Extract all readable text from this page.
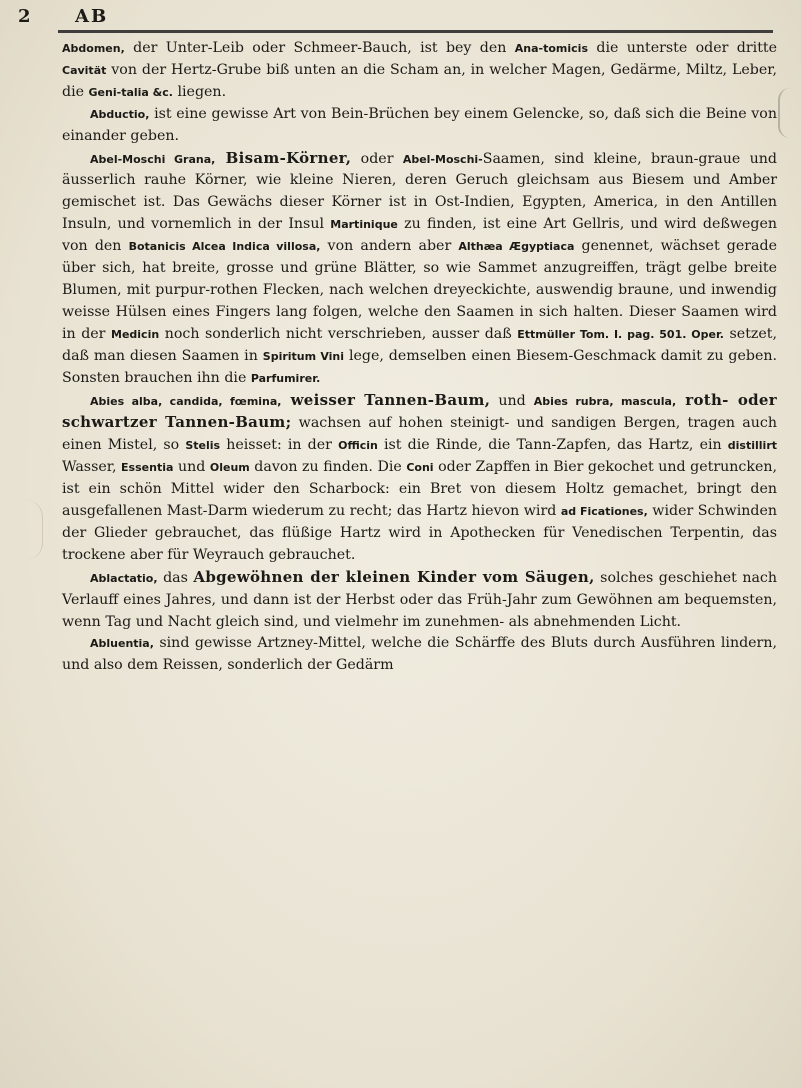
2 AB

Abdomen, der Unter-Leib oder Schmeer-Bauch, ist bey den Ana-tomicis die unterste oder dritte Cavität von der Hertz-Grube biß unten an die Scham an, in welcher Magen, Gedärme, Miltz, Leber, die Geni-talia &c. liegen.

Abductio, ist eine gewisse Art von Bein-Brüchen bey einem Gelencke, so, daß sich die Beine von einander geben.

Abel-Moschi Grana, Bisam-Körner, oder Abel-Moschi-Saamen, sind kleine, braun-graue und äusserlich rauhe Körner, wie kleine Nieren, deren Geruch gleichsam aus Biesem und Amber gemischet ist. Das Gewächs dieser Körner ist in Ost-Indien, Egypten, America, in den Antillen Insuln, und vornemlich in der Insul Martinique zu finden, ist eine Art Gellris, und wird deßwegen von den Botanicis Alcea Indica villosa, von andern aber Althæa Ægyptiaca genennet, wächset gerade über sich, hat breite, grosse und grüne Blätter, so wie Sammet anzugreiffen, trägt gelbe breite Blumen, mit purpur-rothen Flecken, nach welchen dreyeckichte, auswendig braune, und inwendig weisse Hülsen eines Fingers lang folgen, welche den Saamen in sich halten. Dieser Saamen wird in der Medicin noch sonderlich nicht verschrieben, ausser daß Ettmüller Tom. I. pag. 501. Oper. setzet, daß man diesen Saamen in Spiritum Vini lege, demselben einen Biesem-Geschmack damit zu geben. Sonsten brauchen ihn die Parfumirer.

Abies alba, candida, fœmina, weisser Tannen-Baum, und Abies rubra, mascula, roth- oder schwartzer Tannen-Baum; wachsen auf hohen steinigt- und sandigen Bergen, tragen auch einen Mistel, so Stelis heisset: in der Officin ist die Rinde, die Tann-Zapfen, das Hartz, ein distillirt Wasser, Essentia und Oleum davon zu finden. Die Coni oder Zapffen in Bier gekochet und getruncken, ist ein schön Mittel wider den Scharbock: ein Bret von diesem Holtz gemachet, bringt den ausgefallenen Mast-Darm wiederum zu recht; das Hartz hievon wird ad Ficationes, wider Schwinden der Glieder gebrauchet, das flüßige Hartz wird in Apothecken für Venedischen Terpentin, das trockene aber für Weyrauch gebrauchet.

Ablactatio, das Abgewöhnen der kleinen Kinder vom Säugen, solches geschiehet nach Verlauff eines Jahres, und dann ist der Herbst oder das Früh-Jahr zum Gewöhnen am bequemsten, wenn Tag und Nacht gleich sind, und vielmehr im zunehmen- als abnehmenden Licht.

Abluentia, sind gewisse Artzney-Mittel, welche die Schärffe des Bluts durch Ausführen lindern, und also dem Reissen, sonderlich der Gedärm
